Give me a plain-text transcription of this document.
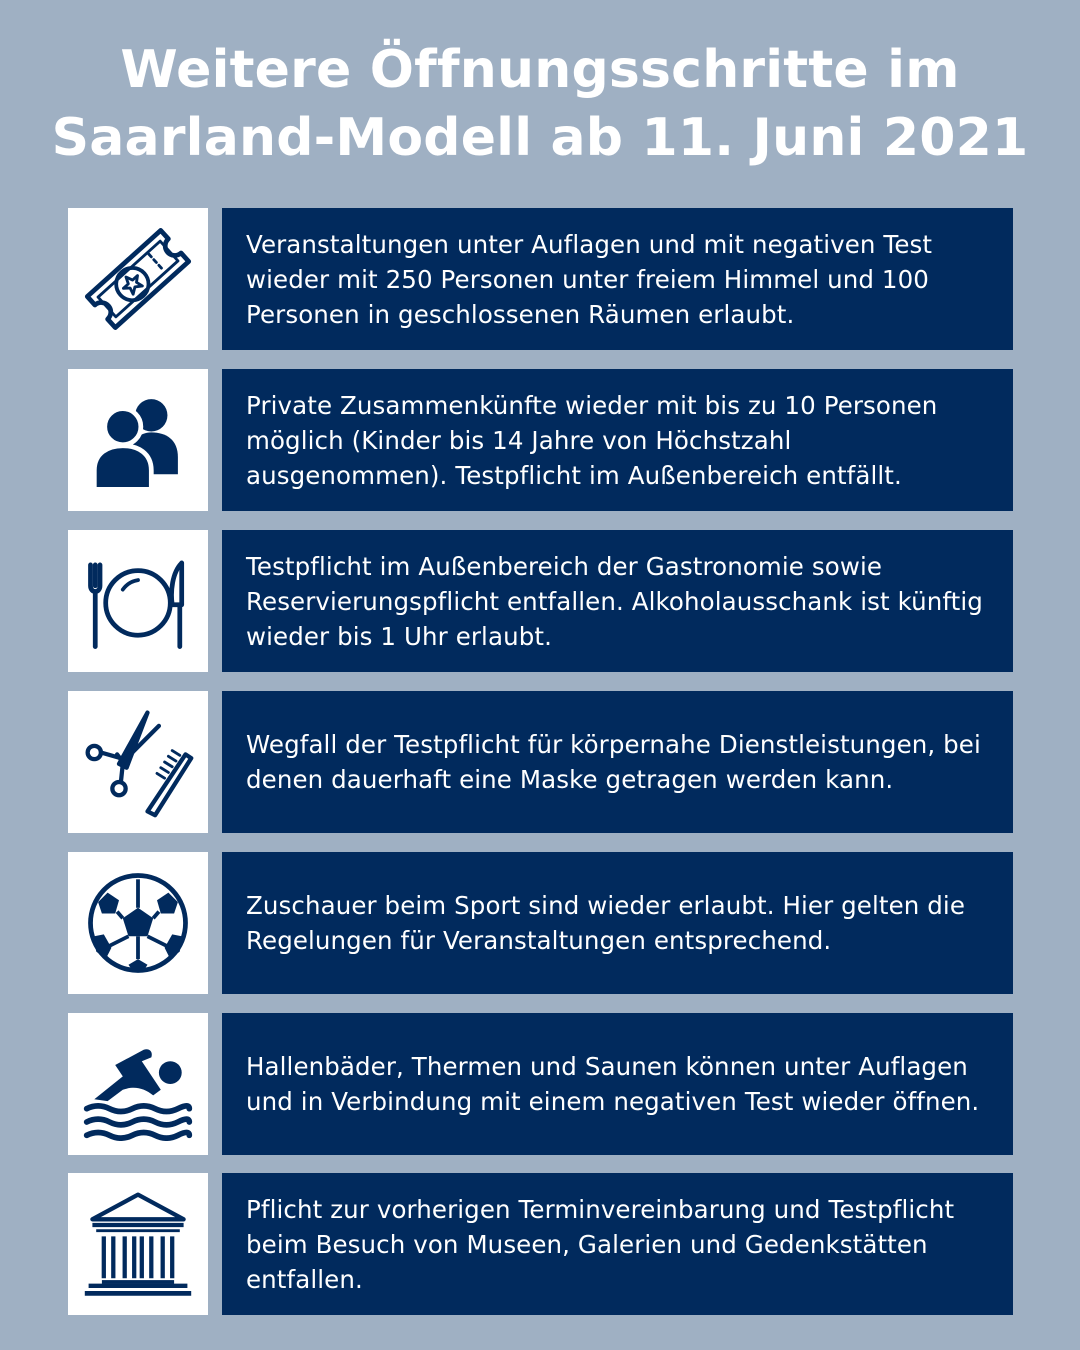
Weitere Öffnungsschritte im
Saarland-Modell ab 11. Juni 2021

Veranstaltungen unter Auflagen und mit negativen Test wieder mit 250 Personen unter freiem Himmel und 100 Personen in geschlossenen Räumen erlaubt.

Private Zusammenkünfte wieder mit bis zu 10 Personen möglich (Kinder bis 14 Jahre von Höchstzahl ausgenommen). Testpflicht im Außenbereich entfällt.

Testpflicht im Außenbereich der Gastronomie sowie Reservierungspflicht entfallen. Alkoholausschank ist künftig wieder bis 1 Uhr erlaubt.

Wegfall der Testpflicht für körpernahe Dienstleistungen, bei denen dauerhaft eine Maske getragen werden kann.

Zuschauer beim Sport sind wieder erlaubt. Hier gelten die Regelungen für Veranstaltungen entsprechend.

Hallenbäder, Thermen und Saunen können unter Auflagen und in Verbindung mit einem negativen Test wieder öffnen.

Pflicht zur vorherigen Terminvereinbarung und Testpflicht beim Besuch von Museen, Galerien und Gedenkstätten entfallen.
